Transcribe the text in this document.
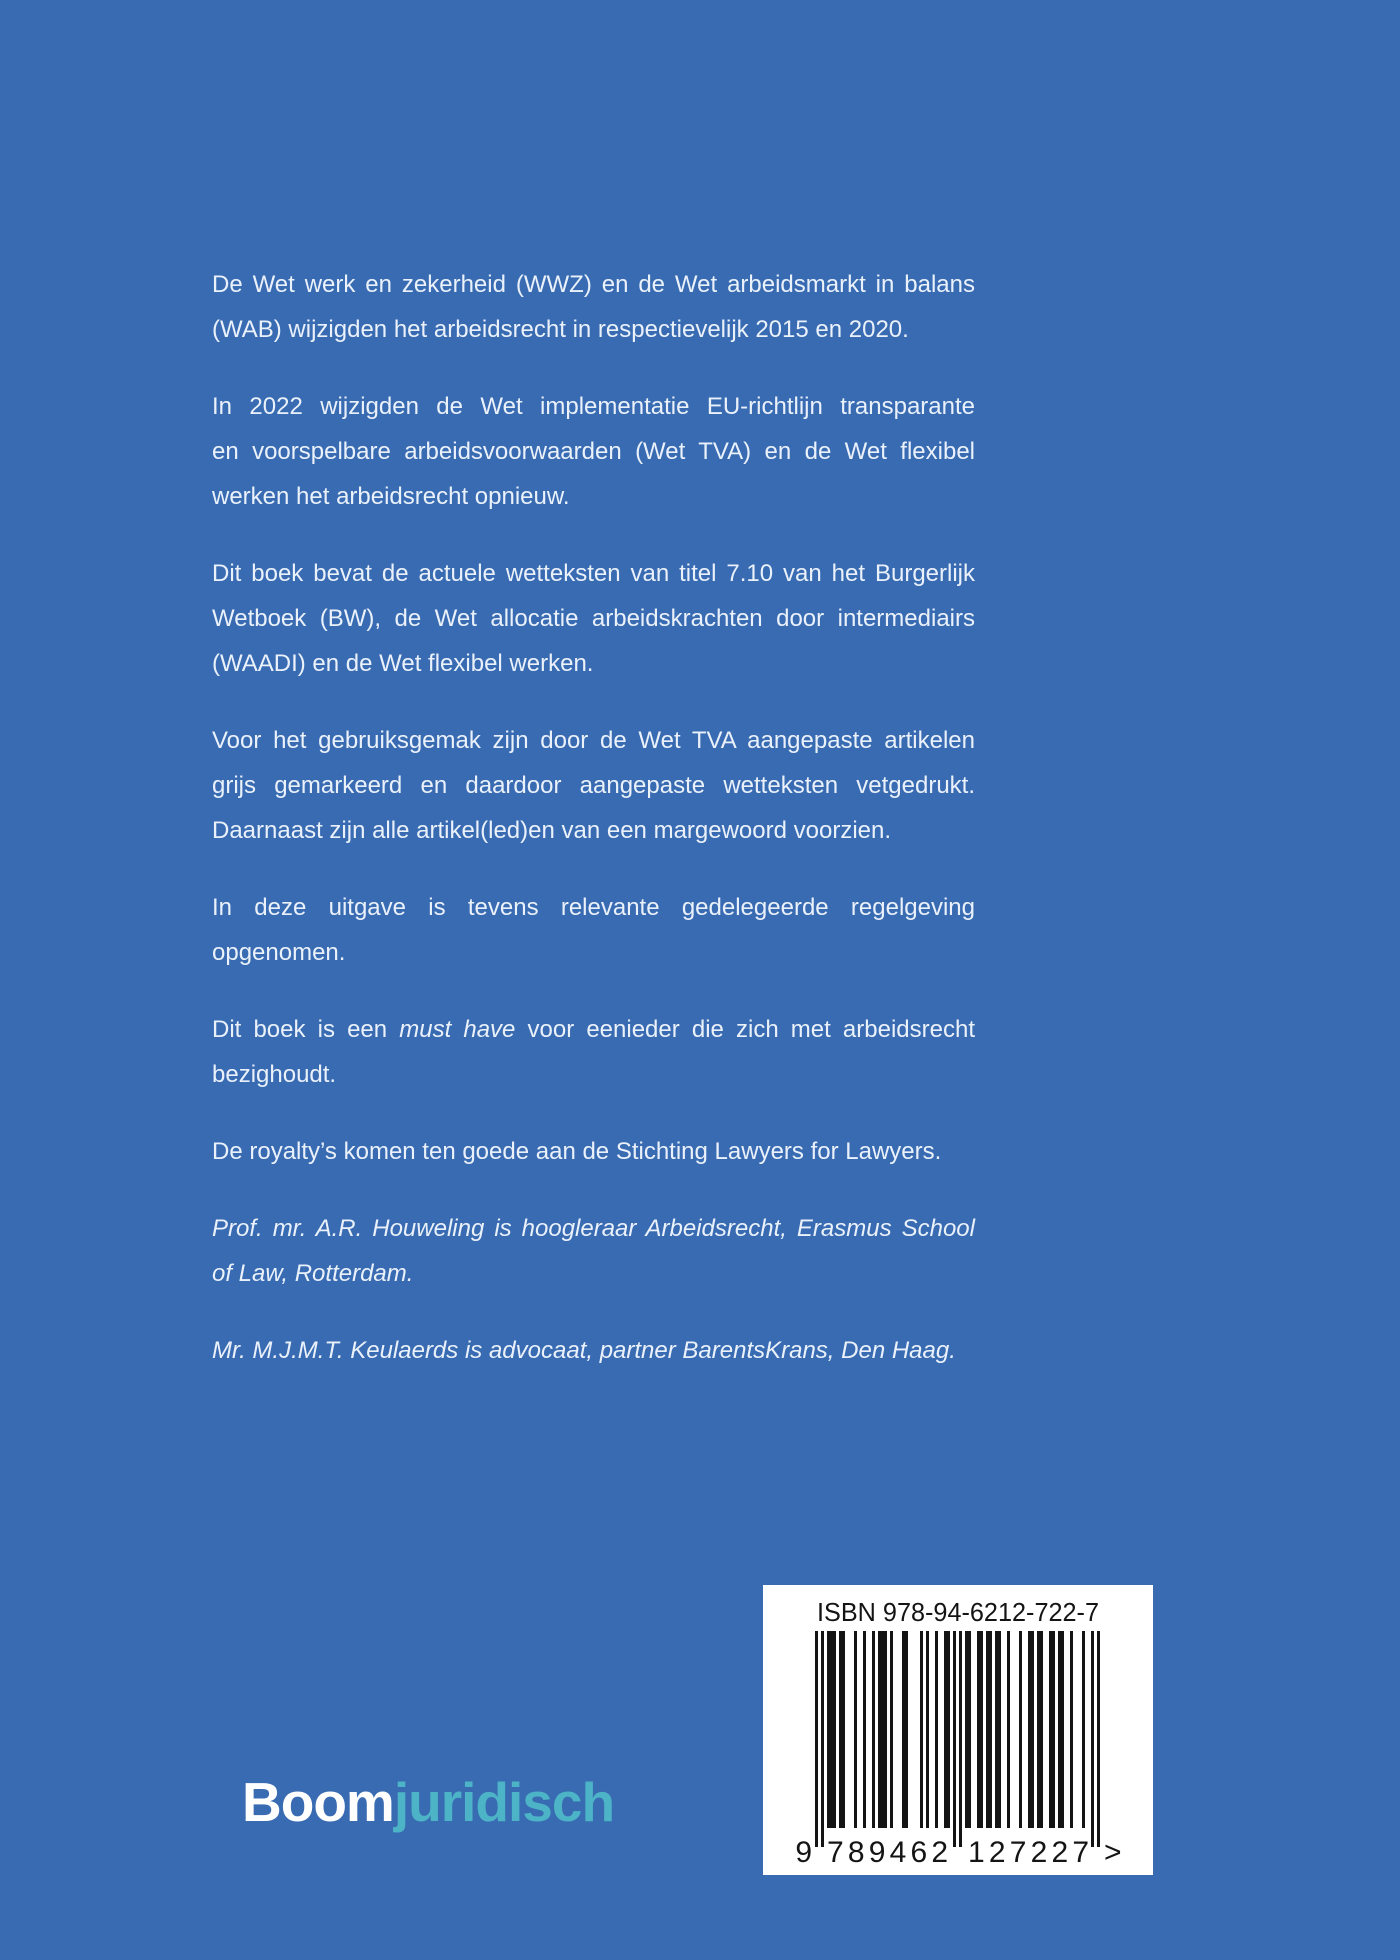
De Wet werk en zekerheid (WWZ) en de Wet arbeidsmarkt in balans
(WAB) wijzigden het arbeidsrecht in respectievelijk 2015 en 2020.
In 2022 wijzigden de Wet implementatie EU-richtlijn transparante
en voorspelbare arbeidsvoorwaarden (Wet TVA) en de Wet flexibel
werken het arbeidsrecht opnieuw.
Dit boek bevat de actuele wetteksten van titel 7.10 van het Burgerlijk
Wetboek (BW), de Wet allocatie arbeidskrachten door intermediairs
(WAADI) en de Wet flexibel werken.
Voor het gebruiksgemak zijn door de Wet TVA aangepaste artikelen
grijs gemarkeerd en daardoor aangepaste wetteksten vetgedrukt.
Daarnaast zijn alle artikel(led)en van een margewoord voorzien.
In deze uitgave is tevens relevante gedelegeerde regelgeving
opgenomen.
Dit boek is een must have voor eenieder die zich met arbeidsrecht
bezighoudt.
De royalty’s komen ten goede aan de Stichting Lawyers for Lawyers.
Prof. mr. A.R. Houweling is hoogleraar Arbeidsrecht, Erasmus School
of Law, Rotterdam.
Mr. M.J.M.T. Keulaerds is advocaat, partner BarentsKrans, Den Haag.
Boomjuridisch
ISBN 978-94-6212-722-7
9 789462 127227 >
